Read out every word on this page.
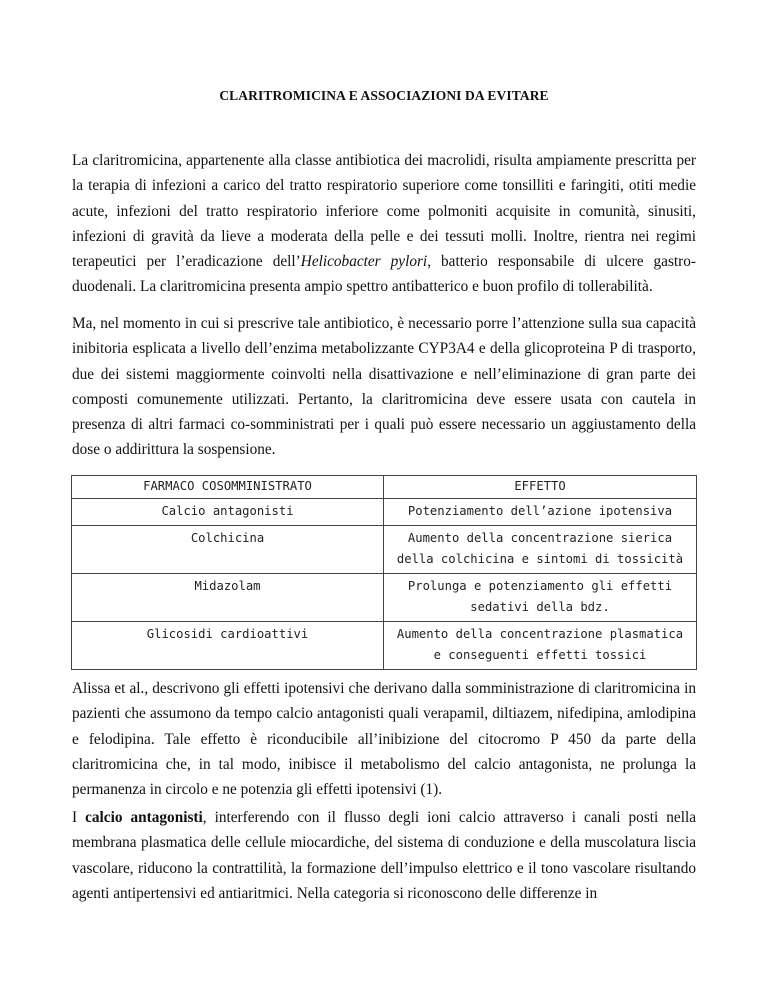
CLARITROMICINA E ASSOCIAZIONI DA EVITARE

La claritromicina, appartenente alla classe antibiotica dei macrolidi, risulta ampiamente prescritta per la terapia di infezioni a carico del tratto respiratorio superiore come tonsilliti e faringiti, otiti medie acute, infezioni del tratto respiratorio inferiore come polmoniti acquisite in comunità, sinusiti, infezioni di gravità da lieve a moderata della pelle e dei tessuti molli. Inoltre, rientra nei regimi terapeutici per l’eradicazione dell’Helicobacter pylori, batterio responsabile di ulcere gastro-duodenali. La claritromicina presenta ampio spettro antibatterico e buon profilo di tollerabilità.

Ma, nel momento in cui si prescrive tale antibiotico, è necessario porre l’attenzione sulla sua capacità inibitoria esplicata a livello dell’enzima metabolizzante CYP3A4 e della glicoproteina P di trasporto, due dei sistemi maggiormente coinvolti nella disattivazione e nell’eliminazione di gran parte dei composti comunemente utilizzati. Pertanto, la claritromicina deve essere usata con cautela in presenza di altri farmaci co-somministrati per i quali può essere necessario un aggiustamento della dose o addirittura la sospensione.

FARMACO COSOMMINISTRATO	EFFETTO
Calcio antagonisti	Potenziamento dell’azione ipotensiva
Colchicina	Aumento della concentrazione sierica della colchicina e sintomi di tossicità
Midazolam	Prolunga e potenziamento gli effetti sedativi della bdz.
Glicosidi cardioattivi	Aumento della concentrazione plasmatica e conseguenti effetti tossici

Alissa et al., descrivono gli effetti ipotensivi che derivano dalla somministrazione di claritromicina in pazienti che assumono da tempo calcio antagonisti quali verapamil, diltiazem, nifedipina, amlodipina e felodipina. Tale effetto è riconducibile all’inibizione del citocromo P 450 da parte della claritromicina che, in tal modo, inibisce il metabolismo del calcio antagonista, ne prolunga la permanenza in circolo e ne potenzia gli effetti ipotensivi (1).

I calcio antagonisti, interferendo con il flusso degli ioni calcio attraverso i canali posti nella membrana plasmatica delle cellule miocardiche, del sistema di conduzione e della muscolatura liscia vascolare, riducono la contrattilità, la formazione dell’impulso elettrico e il tono vascolare risultando agenti antipertensivi ed antiaritmici. Nella categoria si riconoscono delle differenze in
